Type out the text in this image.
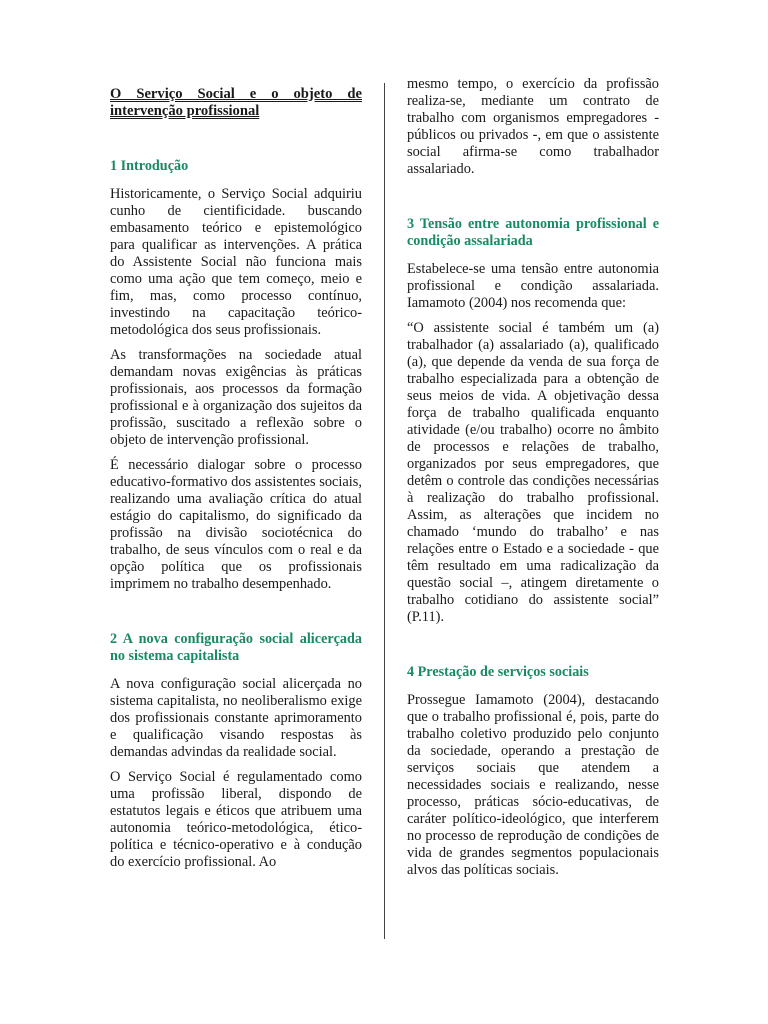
O Serviço Social e o objeto de intervenção profissional

1 Introdução

Historicamente, o Serviço Social adquiriu cunho de cientificidade. buscando embasamento teórico e epistemológico para qualificar as intervenções. A prática do Assistente Social não funciona mais como uma ação que tem começo, meio e fim, mas, como processo contínuo, investindo na capacitação teórico-metodológica dos seus profissionais.

As transformações na sociedade atual demandam novas exigências às práticas profissionais, aos processos da formação profissional e à organização dos sujeitos da profissão, suscitado a reflexão sobre o objeto de intervenção profissional.

É necessário dialogar sobre o processo educativo-formativo dos assistentes sociais, realizando uma avaliação crítica do atual estágio do capitalismo, do significado da profissão na divisão sociotécnica do trabalho, de seus vínculos com o real e da opção política que os profissionais imprimem no trabalho desempenhado.

2 A nova configuração social alicerçada no sistema capitalista

A nova configuração social alicerçada no sistema capitalista, no neoliberalismo exige dos profissionais constante aprimoramento e qualificação visando respostas às demandas advindas da realidade social.

O Serviço Social é regulamentado como uma profissão liberal, dispondo de estatutos legais e éticos que atribuem uma autonomia teórico-metodológica, ético-política e técnico-operativo e à condução do exercício profissional. Ao

mesmo tempo, o exercício da profissão realiza-se, mediante um contrato de trabalho com organismos empregadores - públicos ou privados -, em que o assistente social afirma-se como trabalhador assalariado.

3 Tensão entre autonomia profissional e condição assalariada

Estabelece-se uma tensão entre autonomia profissional e condição assalariada. Iamamoto (2004) nos recomenda que:

“O assistente social é também um (a) trabalhador (a) assalariado (a), qualificado (a), que depende da venda de sua força de trabalho especializada para a obtenção de seus meios de vida. A objetivação dessa força de trabalho qualificada enquanto atividade (e/ou trabalho) ocorre no âmbito de processos e relações de trabalho, organizados por seus empregadores, que detêm o controle das condições necessárias à realização do trabalho profissional. Assim, as alterações que incidem no chamado ‘mundo do trabalho’ e nas relações entre o Estado e a sociedade - que têm resultado em uma radicalização da questão social –, atingem diretamente o trabalho cotidiano do assistente social” (P.11).

4 Prestação de serviços sociais

Prossegue Iamamoto (2004), destacando que o trabalho profissional é, pois, parte do trabalho coletivo produzido pelo conjunto da sociedade, operando a prestação de serviços sociais que atendem a necessidades sociais e realizando, nesse processo, práticas sócio-educativas, de caráter político-ideológico, que interferem no processo de reprodução de condições de vida de grandes segmentos populacionais alvos das políticas sociais.
